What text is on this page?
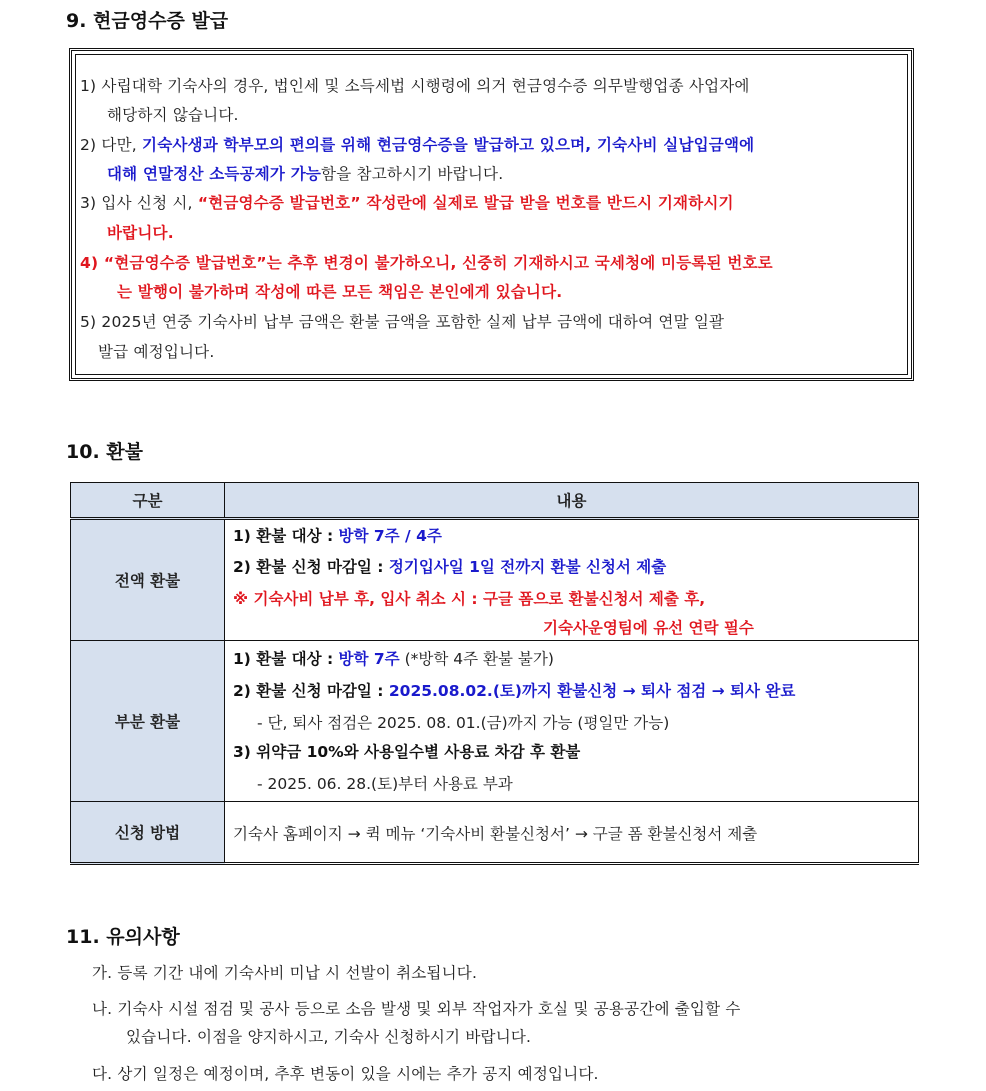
9. 현금영수증 발급
1) 사립대학 기숙사의 경우, 법인세 및 소득세법 시행령에 의거 현금영수증 의무발행업종 사업자에
해당하지 않습니다.
2) 다만, 기숙사생과 학부모의 편의를 위해 현금영수증을 발급하고 있으며, 기숙사비 실납입금액에
대해 연말정산 소득공제가 가능함을 참고하시기 바랍니다.
3) 입사 신청 시, “현금영수증 발급번호” 작성란에 실제로 발급 받을 번호를 반드시 기재하시기
바랍니다.
4) “현금영수증 발급번호”는 추후 변경이 불가하오니, 신중히 기재하시고 국세청에 미등록된 번호로
는 발행이 불가하며 작성에 따른 모든 책임은 본인에게 있습니다.
5) 2025년 연중 기숙사비 납부 금액은 환불 금액을 포함한 실제 납부 금액에 대하여 연말 일괄
발급 예정입니다.
10. 환불
구분	내용
전액 환불	1) 환불 대상 : 방학 7주 / 4주
2) 환불 신청 마감일 : 정기입사일 1일 전까지 환불 신청서 제출
※ 기숙사비 납부 후, 입사 취소 시 : 구글 폼으로 환불신청서 제출 후,
기숙사운영팀에 유선 연락 필수

부분 환불	1) 환불 대상 : 방학 7주 (*방학 4주 환불 불가)
2) 환불 신청 마감일 : 2025.08.02.(토)까지 환불신청 → 퇴사 점검 → 퇴사 완료
- 단, 퇴사 점검은 2025. 08. 01.(금)까지 가능 (평일만 가능)
3) 위약금 10%와 사용일수별 사용료 차감 후 환불
- 2025. 06. 28.(토)부터 사용료 부과

신청 방법	기숙사 홈페이지 → 퀵 메뉴 ‘기숙사비 환불신청서’ → 구글 폼 환불신청서 제출
11. 유의사항
가. 등록 기간 내에 기숙사비 미납 시 선발이 취소됩니다.
나. 기숙사 시설 점검 및 공사 등으로 소음 발생 및 외부 작업자가 호실 및 공용공간에 출입할 수
있습니다. 이점을 양지하시고, 기숙사 신청하시기 바랍니다.
다. 상기 일정은 예정이며, 추후 변동이 있을 시에는 추가 공지 예정입니다.
